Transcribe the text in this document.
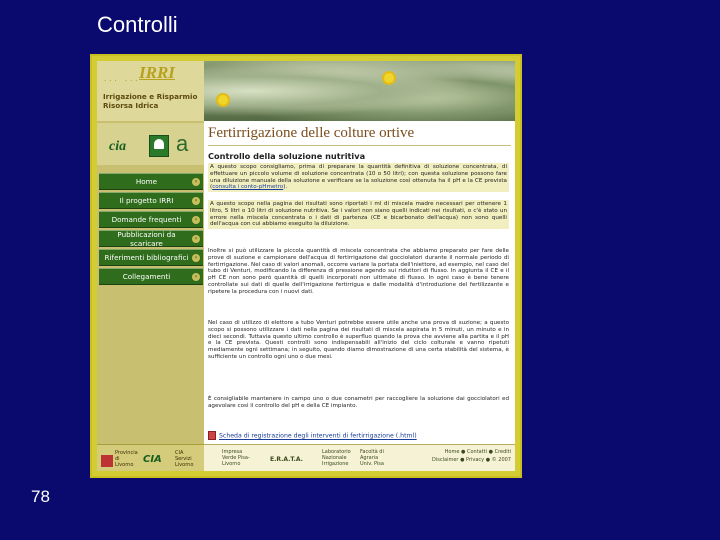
Controlli
78
... ... IRRI
Irrigazione e Risparmio
Risorsa Idrica
cia a
Home	›
Il progetto IRRI	›
Domande frequenti	›
Pubblicazioni da scaricare
›
Riferimenti bibliografici	›
Collegamenti	›
Provincia di Livorno CIA
CIA Servizi Livorno
Fertirrigazione delle colture ortive
Controllo della soluzione nutritiva
A questo scopo consigliamo, prima di preparare la quantità definitiva di soluzione concentrata, di effettuare un piccolo volume di soluzione concentrata (10 o 50 litri); con questa soluzione possono fare una diluizione manuale della soluzione e verificare se la soluzione così ottenuta ha il pH e la CE prevista (consulta i conto-pHmetro).
A questo scopo nella pagina dei risultati sono riportati i ml di miscela madre necessari per ottenere 1 litro, 5 litri o 10 litri di soluzione nutritiva. Se i valori non siano quelli indicati nei risultati, o c'è stato un errore nella miscela concentrata o i dati di partenza (CE e bicarbonato dell'acqua) non sono quelli dell'acqua con cui abbiamo eseguito la diluizione.
Inoltre si può utilizzare la piccola quantità di miscela concentrata che abbiamo preparato per fare delle prove di suzione e campionare dell'acqua di fertirrigazione dai gocciolatori durante il normale periodo di fertirrigazione. Nel caso di valori anomali, occorre variare la portata dell'iniettore, ad esempio, nel caso del tubo di Venturi, modificando la differenza di pressione agendo sui riduttori di flusso. In aggiunta il CE e il pH CE non sono però quantità di quelli incorporati non ultimate di flusso. In ogni caso è bene tenere controllate sui dati di quelle dell'irrigazione fertirrigua e dalle modalità d'introduzione del fertilizzante e ripetere la procedura con i nuovi dati.
Nel caso di utilizzo di elettore a tubo Venturi potrebbe essere utile anche una prova di suzione; a questo scopo si possono utilizzare i dati nella pagina dei risultati di miscela aspirata in 5 minuti, un minuto e in dieci secondi. Tuttavia questo ultimo controllo è superfluo quando la prova che avviene alla partita e il pH e la CE prevista. Questi controlli sono indispensabili all'inizio del ciclo colturale e vanno ripetuti mediamente ogni settimana; in seguito, quando diamo dimostrazione di una certa stabilità del sistema, è sufficiente un controllo ogni uno o due mesi.
È consigliabile mantenere in campo uno o due conametri per raccogliere la soluzione dai gocciolatori ed agevolare così il controllo del pH e della CE impianto.
Scheda di registrazione degli interventi di fertirrigazione (.html)
Impresa Verde Pisa-Livorno
E.R.A.T.A.
Laboratorio Nazionale Irrigazione
Facoltà di Agraria Univ. Pisa
Home ● Contatti ● Crediti
Disclaimer ● Privacy ● © 2007
